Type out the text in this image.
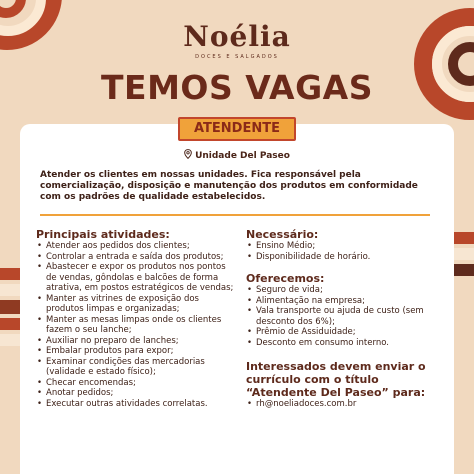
Noélia
DOCES E SALGADOS
TEMOS VAGAS
ATENDENTE
Unidade Del Paseo
Atender os clientes em nossas unidades. Fica responsável pela comercialização, disposição e manutenção dos produtos em conformidade com os padrões de qualidade estabelecidos.
Principais atividades:
• Atender aos pedidos dos clientes;
• Controlar a entrada e saída dos produtos;
• Abastecer e expor os produtos nos pontos de vendas, gôndolas e balcões de forma atrativa, em postos estratégicos de vendas;
• Manter as vitrines de exposição dos produtos limpas e organizadas;
• Manter as mesas limpas onde os clientes fazem o seu lanche;
• Auxiliar no preparo de lanches;
• Embalar produtos para expor;
• Examinar condições das mercadorias (validade e estado físico);
• Checar encomendas;
• Anotar pedidos;
• Executar outras atividades correlatas.
Necessário:
• Ensino Médio;
• Disponibilidade de horário.
Oferecemos:
• Seguro de vida;
• Alimentação na empresa;
• Vala transporte ou ajuda de custo (sem desconto dos 6%);
• Prêmio de Assiduidade;
• Desconto em consumo interno.
Interessados devem enviar o currículo com o título “Atendente Del Paseo” para:
• rh@noeliadoces.com.br
